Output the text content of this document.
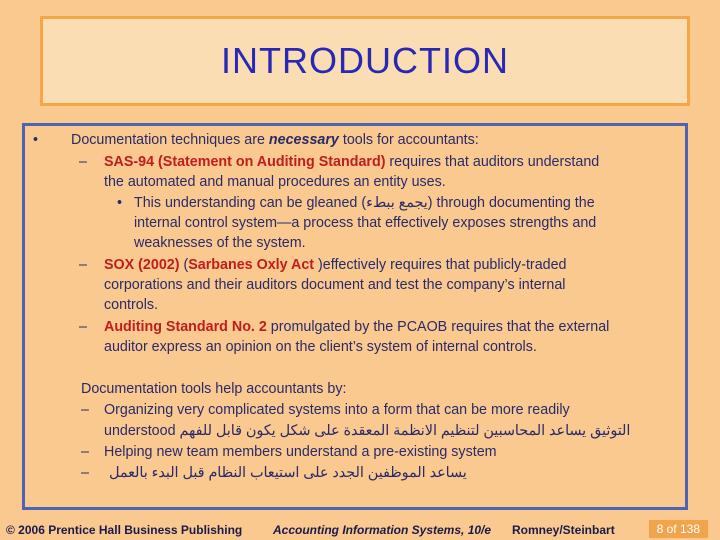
INTRODUCTION
• Documentation techniques are necessary tools for accountants:
– SAS-94 (Statement on Auditing Standard) requires that auditors understand
the automated and manual procedures an entity uses.
• This understanding can be gleaned (يجمع ببطء) through documenting the
internal control system—a process that effectively exposes strengths and
weaknesses of the system.
– SOX (2002) (Sarbanes Oxly Act )effectively requires that publicly-traded
corporations and their auditors document and test the company’s internal
controls.
– Auditing Standard No. 2 promulgated by the PCAOB requires that the external
auditor express an opinion on the client’s system of internal controls.
Documentation tools help accountants by:
– Organizing very complicated systems into a form that can be more readily
understood التوثيق يساعد المحاسبين لتنظيم الانظمة المعقدة على شكل يكون قابل للفهم
– Helping new team members understand a pre-existing system
– يساعد الموظفين الجدد على استيعاب النظام قبل البدء بالعمل
© 2006 Prentice Hall Business Publishing	Accounting Information Systems, 10/e Romney/Steinbart	8 of 138
